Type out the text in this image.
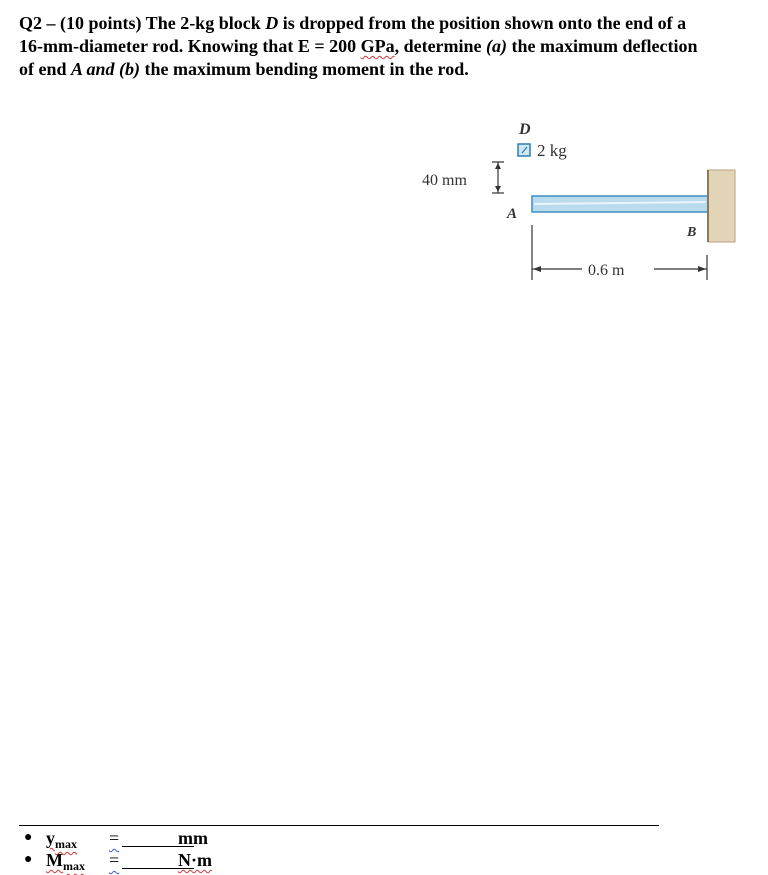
Q2 – (10 points) The 2-kg block D is dropped from the position shown onto the end of a 16-mm-diameter rod. Knowing that E = 200 GPa, determine (a) the maximum deflection of end A and (b) the maximum bending moment in the rod.
D
2 kg
40 mm
A
B
0.6 m
● $y_{max}$ =	mm
● $M_{max}$ =	N·m
